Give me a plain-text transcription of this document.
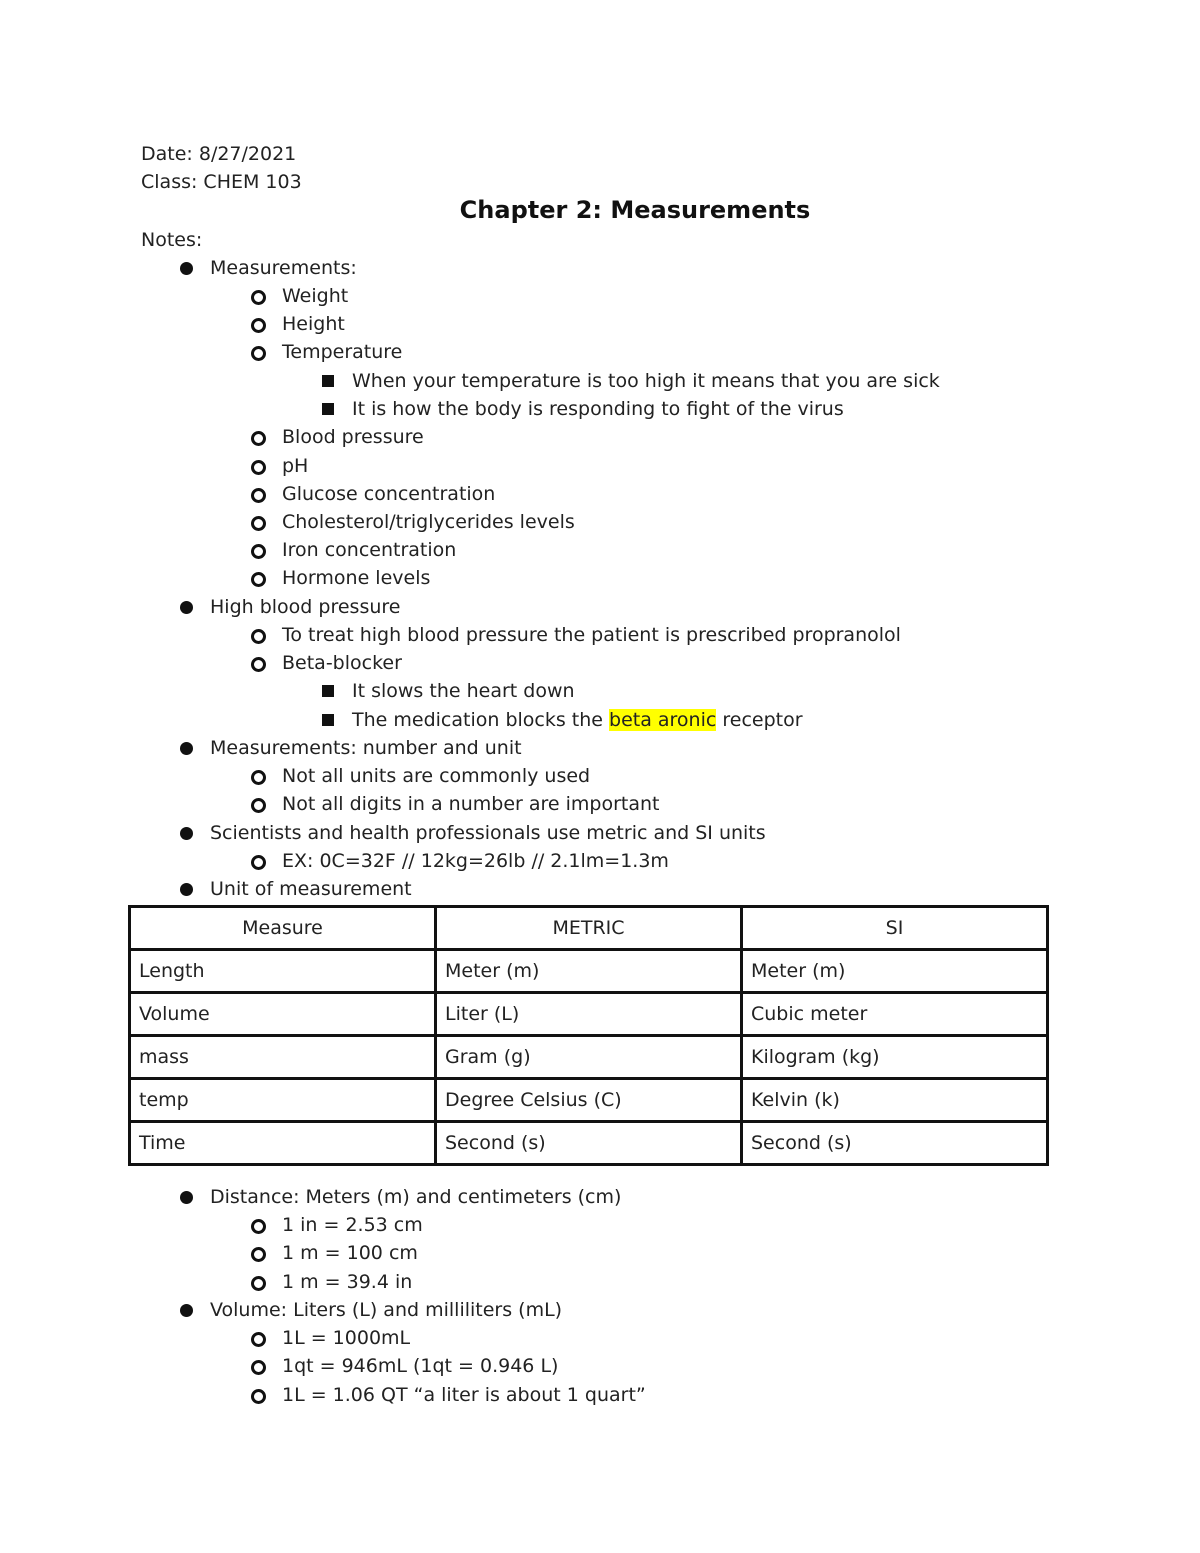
Date: 8/27/2021
Class: CHEM 103
Chapter 2: Measurements
Notes:
Measurements:
Weight
Height
Temperature
When your temperature is too high it means that you are sick
It is how the body is responding to fight of the virus
Blood pressure
pH
Glucose concentration
Cholesterol/triglycerides levels
Iron concentration
Hormone levels
High blood pressure
To treat high blood pressure the patient is prescribed propranolol
Beta-blocker
It slows the heart down
The medication blocks the beta aronic receptor
Measurements: number and unit
Not all units are commonly used
Not all digits in a number are important
Scientists and health professionals use metric and SI units
EX: 0C=32F // 12kg=26lb // 2.1lm=1.3m
Unit of measurement
Measure	METRIC	SI
Length	Meter (m)	Meter (m)
Volume	Liter (L)	Cubic meter
mass	Gram (g)	Kilogram (kg)
temp	Degree Celsius (C)	Kelvin (k)
Time	Second (s)	Second (s)
Distance: Meters (m) and centimeters (cm)
1 in = 2.53 cm
1 m = 100 cm
1 m = 39.4 in
Volume: Liters (L) and milliliters (mL)
1L = 1000mL
1qt = 946mL (1qt = 0.946 L)
1L = 1.06 QT “a liter is about 1 quart”
